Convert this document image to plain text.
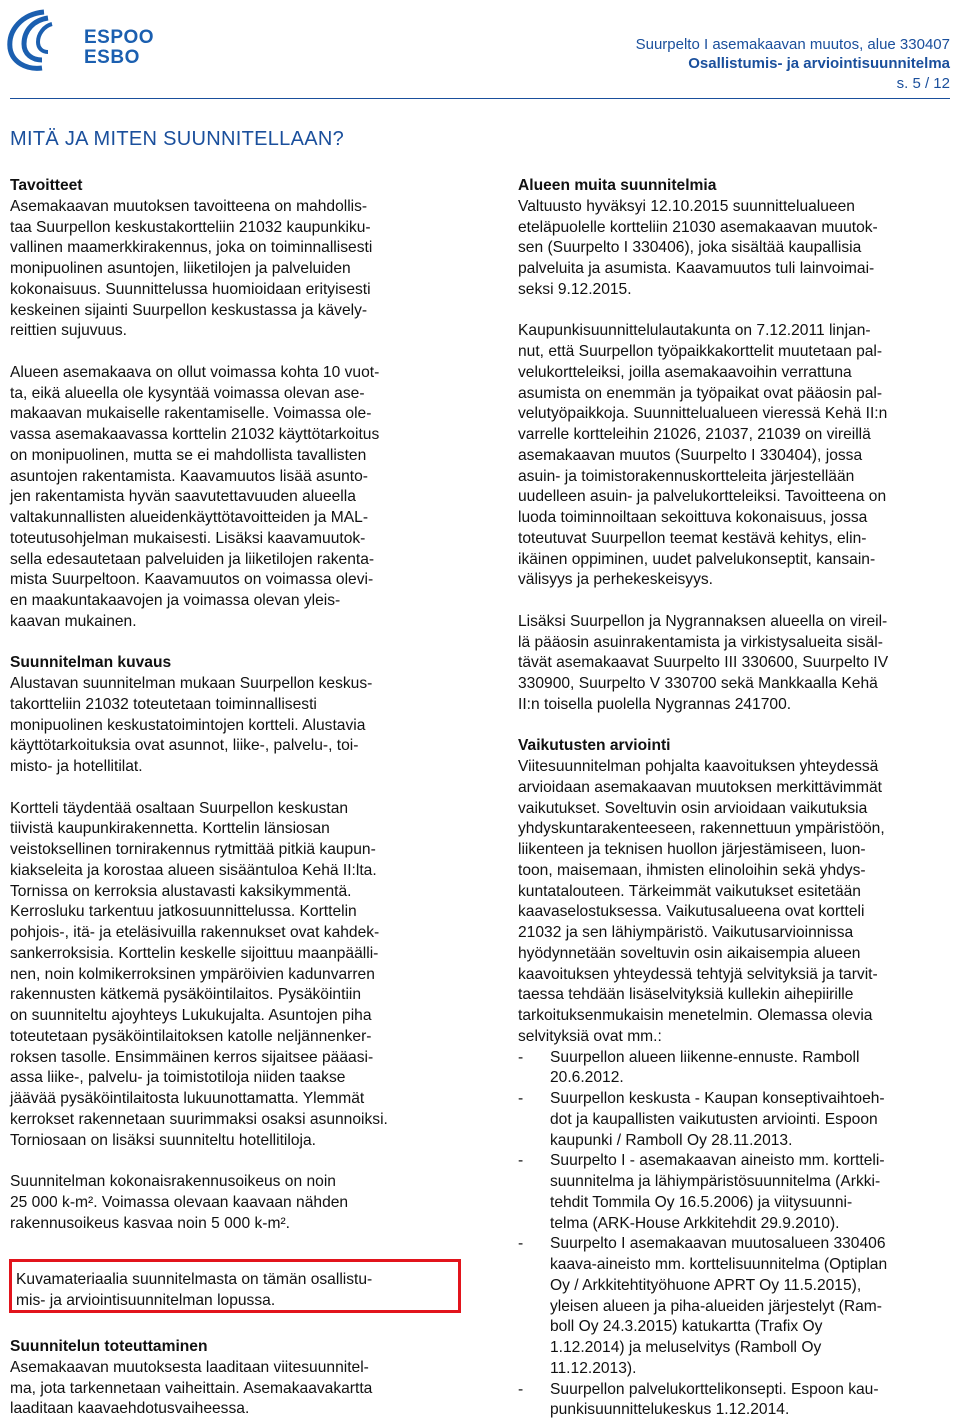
ESPOO
ESBO
Suurpelto I asemakaavan muutos, alue 330407
Osallistumis- ja arviointisuunnitelma
s. 5 / 12
MITÄ JA MITEN SUUNNITELLAAN?

Tavoitteet

Asemakaavan muutoksen tavoitteena on mahdollis-
taa Suurpellon keskustakortteliin 21032 kaupunkiku-
vallinen maamerkkirakennus, joka on toiminnallisesti
monipuolinen asuntojen, liiketilojen ja palveluiden
kokonaisuus. Suunnittelussa huomioidaan erityisesti
keskeinen sijainti Suurpellon keskustassa ja kävely-
reittien sujuvuus.

Alueen asemakaava on ollut voimassa kohta 10 vuot-
ta, eikä alueella ole kysyntää voimassa olevan ase-
makaavan mukaiselle rakentamiselle. Voimassa ole-
vassa asemakaavassa korttelin 21032 käyttötarkoitus
on monipuolinen, mutta se ei mahdollista tavallisten
asuntojen rakentamista. Kaavamuutos lisää asunto-
jen rakentamista hyvän saavutettavuuden alueella
valtakunnallisten alueidenkäyttötavoitteiden ja MAL-
toteutusohjelman mukaisesti. Lisäksi kaavamuutok-
sella edesautetaan palveluiden ja liiketilojen rakenta-
mista Suurpeltoon. Kaavamuutos on voimassa olevi-
en maakuntakaavojen ja voimassa olevan yleis-
kaavan mukainen.

Suunnitelman kuvaus

Alustavan suunnitelman mukaan Suurpellon keskus-
takortteliin 21032 toteutetaan toiminnallisesti
monipuolinen keskustatoimintojen kortteli. Alustavia
käyttötarkoituksia ovat asunnot, liike-, palvelu-, toi-
misto- ja hotellitilat.

Kortteli täydentää osaltaan Suurpellon keskustan
tiivistä kaupunkirakennetta. Korttelin länsiosan
veistoksellinen tornirakennus rytmittää pitkiä kaupun-
kiakseleita ja korostaa alueen sisääntuloa Kehä II:lta.
Tornissa on kerroksia alustavasti kaksikymmentä.
Kerrosluku tarkentuu jatkosuunnittelussa. Korttelin
pohjois-, itä- ja eteläsivuilla rakennukset ovat kahdek-
sankerroksisia. Korttelin keskelle sijoittuu maanpäälli-
nen, noin kolmikerroksinen ympäröivien kadunvarren
rakennusten kätkemä pysäköintilaitos. Pysäköintiin
on suunniteltu ajoyhteys Lukukujalta. Asuntojen piha
toteutetaan pysäköintilaitoksen katolle neljännenker-
roksen tasolle. Ensimmäinen kerros sijaitsee pääasi-
assa liike-, palvelu- ja toimistotiloja niiden taakse
jäävää pysäköintilaitosta lukuunottamatta. Ylemmät
kerrokset rakennetaan suurimmaksi osaksi asunnoiksi.
Torniosaan on lisäksi suunniteltu hotellitiloja.

Suunnitelman kokonaisrakennusoikeus on noin
25 000 k-m². Voimassa olevaan kaavaan nähden
rakennusoikeus kasvaa noin 5 000 k-m².

Kuvamateriaalia suunnitelmasta on tämän osallistu-
mis- ja arviointisuunnitelman lopussa.
Suunnitelun toteuttaminen
Asemakaavan muutoksesta laaditaan viitesuunnitel-
ma, jota tarkennetaan vaiheittain. Asemakaavakartta
laaditaan kaavaehdotusvaiheessa.

Alueen muita suunnitelmia

Valtuusto hyväksyi 12.10.2015 suunnittelualueen
eteläpuolelle kortteliin 21030 asemakaavan muutok-
sen (Suurpelto I 330406), joka sisältää kaupallisia
palveluita ja asumista. Kaavamuutos tuli lainvoimai-
seksi 9.12.2015.

Kaupunkisuunnittelulautakunta on 7.12.2011 linjan-
nut, että Suurpellon työpaikkakorttelit muutetaan pal-
velukortteleiksi, joilla asemakaavoihin verrattuna
asumista on enemmän ja työpaikat ovat pääosin pal-
velutyöpaikkoja. Suunnittelualueen vieressä Kehä II:n
varrelle kortteleihin 21026, 21037, 21039 on vireillä
asemakaavan muutos (Suurpelto I 330404), jossa
asuin- ja toimistorakennuskortteleita järjestellään
uudelleen asuin- ja palvelukortteleiksi. Tavoitteena on
luoda toiminnoiltaan sekoittuva kokonaisuus, jossa
toteutuvat Suurpellon teemat kestävä kehitys, elin-
ikäinen oppiminen, uudet palvelukonseptit, kansain-
välisyys ja perhekeskeisyys.

Lisäksi Suurpellon ja Nygrannaksen alueella on vireil-
lä pääosin asuinrakentamista ja virkistysalueita sisäl-
tävät asemakaavat Suurpelto III 330600, Suurpelto IV
330900, Suurpelto V 330700 sekä Mankkaalla Kehä
II:n toisella puolella Nygrannas 241700.

Vaikutusten arviointi

Viitesuunnitelman pohjalta kaavoituksen yhteydessä
arvioidaan asemakaavan muutoksen merkittävimmät
vaikutukset. Soveltuvin osin arvioidaan vaikutuksia
yhdyskuntarakenteeseen, rakennettuun ympäristöön,
liikenteen ja teknisen huollon järjestämiseen, luon-
toon, maisemaan, ihmisten elinoloihin sekä yhdys-
kuntatalouteen. Tärkeimmät vaikutukset esitetään
kaavaselostuksessa. Vaikutusalueena ovat kortteli
21032 ja sen lähiympäristö. Vaikutusarvioinnissa
hyödynnetään soveltuvin osin aikaisempia alueen
kaavoituksen yhteydessä tehtyjä selvityksiä ja tarvit-
taessa tehdään lisäselvityksiä kullekin aihepiirille
tarkoituksenmukaisin menetelmin. Olemassa olevia
selvityksiä ovat mm.:

- Suurpellon alueen liikenne-ennuste. Ramboll
20.6.2012.
- Suurpellon keskusta - Kaupan konseptivaihtoeh-
dot ja kaupallisten vaikutusten arviointi. Espoon
kaupunki / Ramboll Oy 28.11.2013.
- Suurpelto I - asemakaavan aineisto mm. kortteli-
suunnitelma ja lähiympäristösuunnitelma (Arkki-
tehdit Tommila Oy 16.5.2006) ja viitysuunni-
telma (ARK-House Arkkitehdit 29.9.2010).
- Suurpelto I asemakaavan muutosalueen 330406
kaava-aineisto mm. korttelisuunnitelma (Optiplan
Oy / Arkkitehtityöhuone APRT Oy 11.5.2015),
yleisen alueen ja piha-alueiden järjestelyt (Ram-
boll Oy 24.3.2015) katukartta (Trafix Oy
1.12.2014) ja meluselvitys (Ramboll Oy
11.12.2013).
- Suurpellon palvelukorttelikonsepti. Espoon kau-
punkisuunnittelukeskus 1.12.2014.
